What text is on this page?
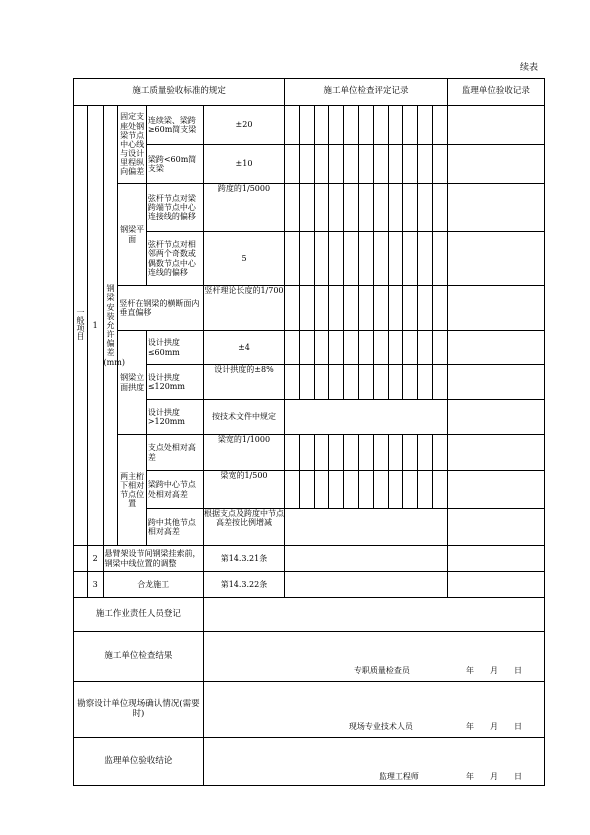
续表
施工质量验收标准的规定						施工单位检查评定记录											监理单位验收记录
一般项目	1	钢梁安装允许偏差(mm)	固定支座处钢梁节点中心线与设计里程纵向偏差	连续梁、梁跨≥60m简支梁	±20												
				梁跨<60m简支梁	±10												
			钢梁平面	弦杆节点对梁跨端节点中心连接线的偏移	跨度的1/5000												
				弦杆节点对相邻两个奇数或偶数节点中心连线的偏移	5												
			竖杆在钢梁的横断面内垂直偏移		竖杆理论长度的1/700												
			钢梁立面拱度	设计拱度≤60mm	±4												
				设计拱度≤120mm	设计拱度的±8%												
				设计拱度>120mm	按技术文件中规定												
			两主桁下相对节点位置	支点处相对高差	梁宽的1/1000												
				梁跨中心节点处相对高差	梁宽的1/500												
				跨中其他节点相对高差	根据支点及跨度中节点高差按比例增减												
	2	悬臂架设节间钢梁挂索前，钢梁中线位置的调整			第14.3.21条												
	3	合龙施工			第14.3.22条												
施工作业责任人员登记																	
施工单位检查结果					专职质量检查员 年　　月　　日												

勘察设计单位现场确认情况(需要时)					现场专业技术人员 年　　月　　日												

监理单位验收结论					监理工程师 年　　月　　日												
